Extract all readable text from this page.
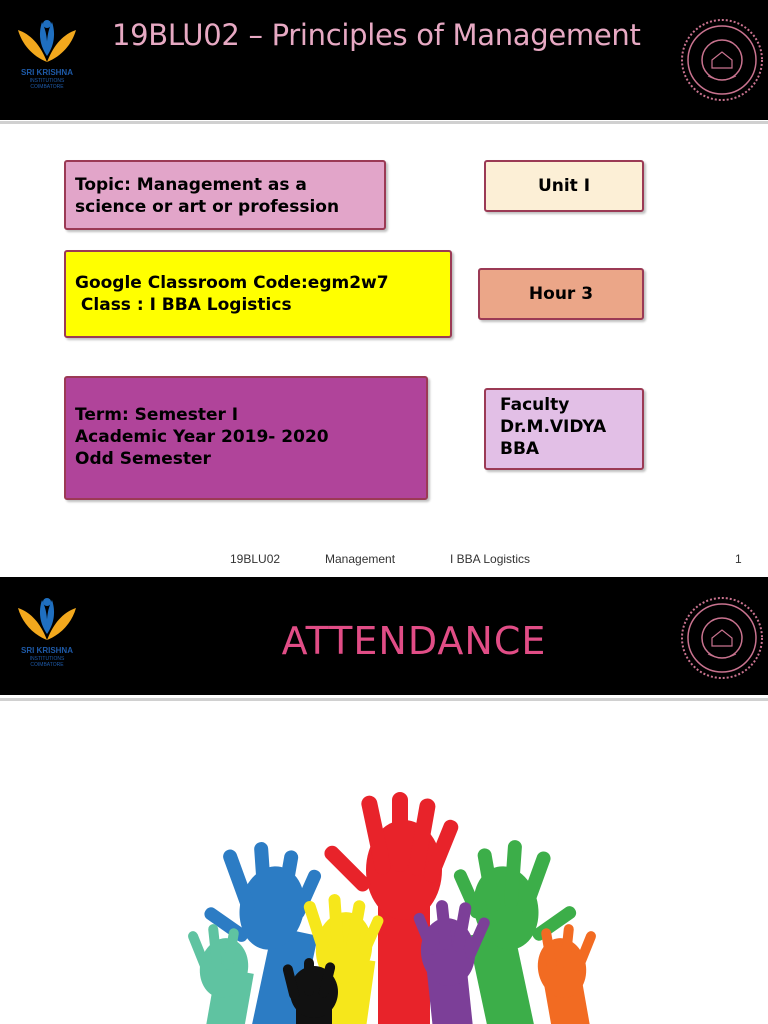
SRI KRISHNA
INSTITUTIONS
COIMBATORE
19BLU02 – Principles of Management
Topic: Management as a
science or art or profession
Unit I
Google Classroom Code:egm2w7
Class : I BBA Logistics
Hour 3
Term: Semester I
Academic Year 2019- 2020
Odd Semester
Faculty
Dr.M.VIDYA
BBA
19BLU02	Management	I BBA Logistics	1
SRI KRISHNA
INSTITUTIONS
COIMBATORE
ATTENDANCE
